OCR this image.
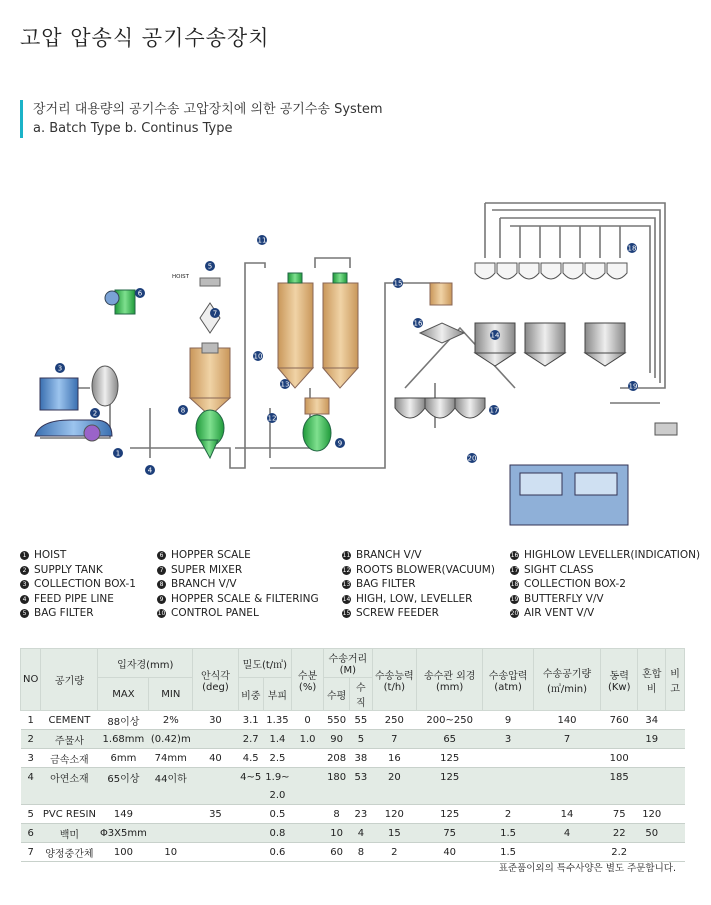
고압 압송식 공기수송장치
장거리 대용량의 공기수송 고압장치에 의한 공기수송 System
a. Batch Type b. Continus Type
1
2
3
4
5
6
7
8
9
10
11
12
13
14
15
16
17
18
19
20
HOIST
1 HOIST
2 SUPPLY TANK
3 COLLECTION BOX-1
4 FEED PIPE LINE
5 BAG FILTER
6 HOPPER SCALE
7 SUPER MIXER
8 BRANCH V/V
9 HOPPER SCALE & FILTERING
10 CONTROL PANEL
11 BRANCH V/V
12 ROOTS BLOWER(VACUUM)
13 BAG FILTER
14 HIGH, LOW, LEVELLER
15 SCREW FEEDER
16 HIGHLOW LEVELLER(INDICATION)
17 SIGHT CLASS
18 COLLECTION BOX-2
19 BUTTERFLY V/V
20 AIR VENT V/V
NO	공기량	입자경(mm)		안식각 (deg)	밀도(t/㎥)		수분 (%)	수송거리(M)		수송능력 (t/h)	송수관 외경 (mm)	수송압력 (atm)	수송공기량 (㎥/min)	동력 (Kw)	혼합비	비고
		MAX	MIN		비중	부피		수평	수직							
1	CEMENT	88이상	2%	30	3.1	1.35	0	550	55	250	200~250	9	140	760	34	
2	주물사	1.68mm	(0.42)m		2.7	1.4	1.0	90	5	7	65	3	7		19	
3	금속소재	6mm	74mm	40	4.5	2.5		208	38	16	125			100		
4	아연소재	65이상	44이하		4~5	1.9~		180	53	20	125			185		
						2.0										
5	PVC RESIN	149		35		0.5		8	23	120	125	2	14	75	120	
6	백미	Φ3X5mm				0.8		10	4	15	75	1.5	4	22	50	
7	양정중간체	100	10			0.6		60	8	2	40	1.5		2.2		
표준품이외의 특수사양은 별도 주문합니다.
